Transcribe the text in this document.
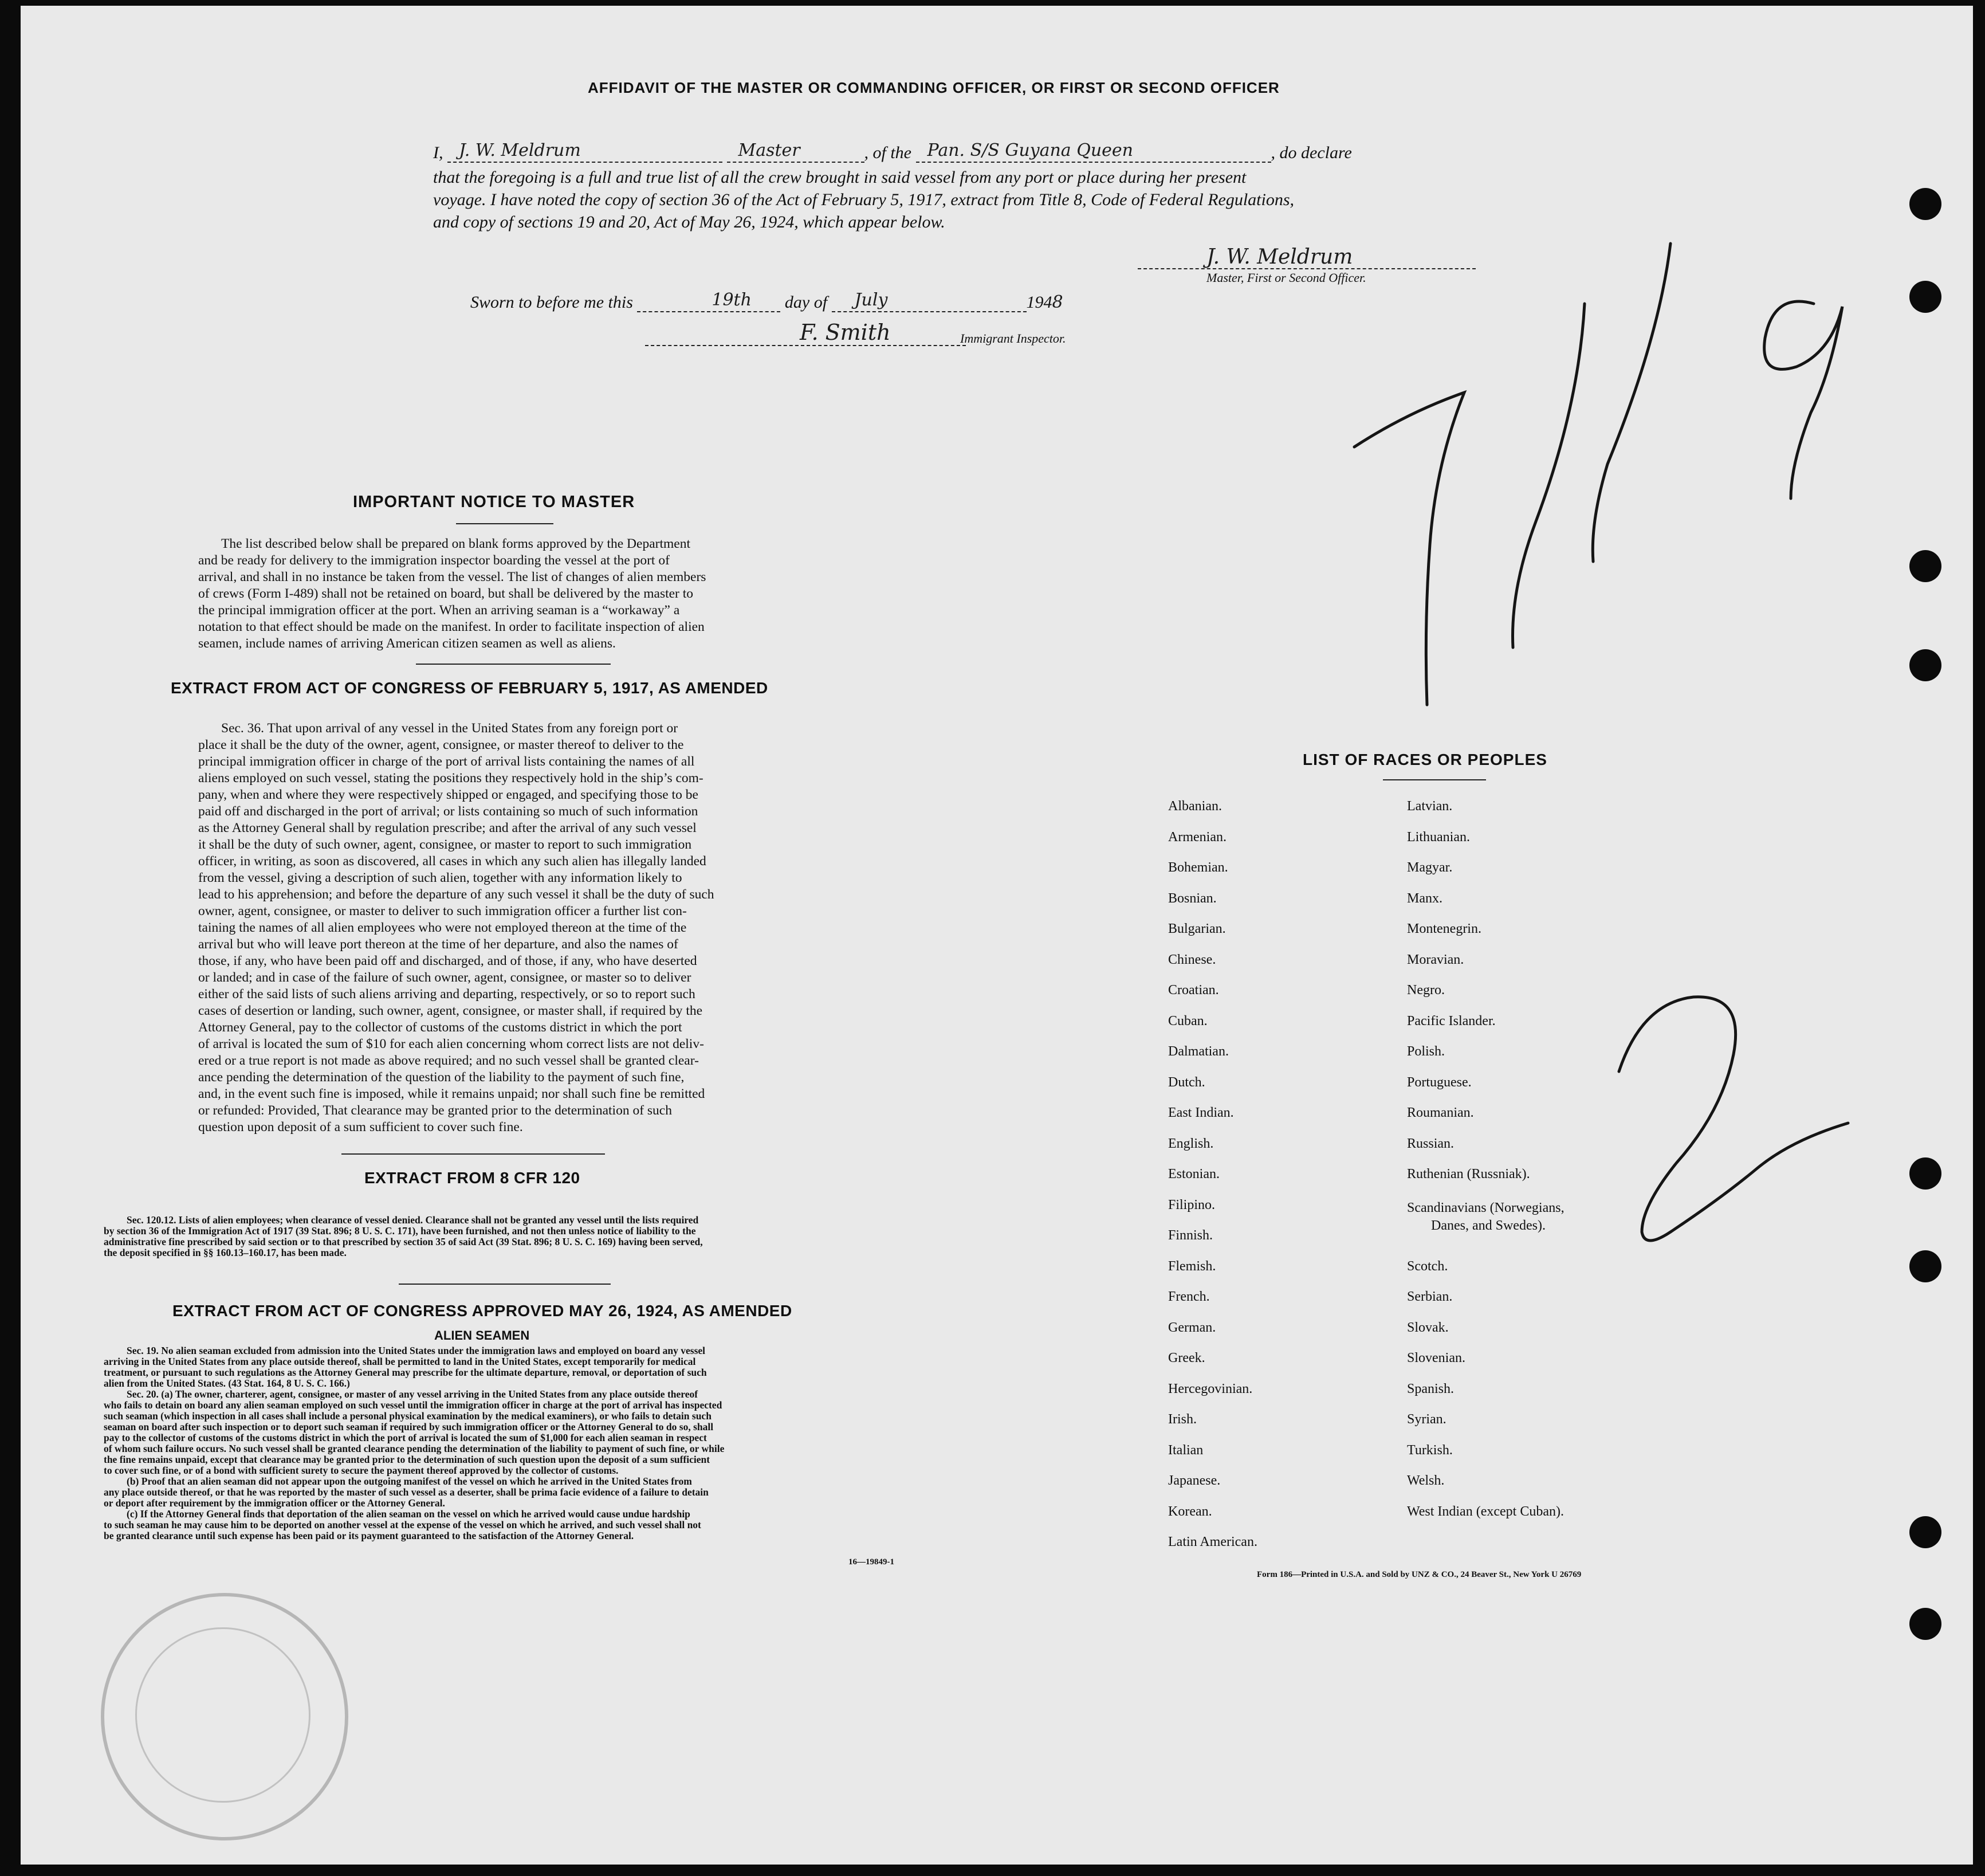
AFFIDAVIT OF THE MASTER OR COMMANDING OFFICER, OR FIRST OR SECOND OFFICER
I, J. W. Meldrum
	Master	, of the Pan. S/S Guyana Queen	, do declare
that the foregoing is a full and true list of all the crew brought in said vessel from any port or place during her present
voyage. I have noted the copy of section 36 of the Act of February 5, 1917, extract from Title 8, Code of Federal Regulations,
and copy of sections 19 and 20, Act of May 26, 1924, which appear below.
J. W. Meldrum
Master, First or Second Officer.
Sworn to before me this	19th day of July	1948
F. Smith	Immigrant Inspector.
IMPORTANT NOTICE TO MASTER
The list described below shall be prepared on blank forms approved by the Department
and be ready for delivery to the immigration inspector boarding the vessel at the port of
arrival, and shall in no instance be taken from the vessel. The list of changes of alien members
of crews (Form I-489) shall not be retained on board, but shall be delivered by the master to
the principal immigration officer at the port. When an arriving seaman is a “workaway” a
notation to that effect should be made on the manifest. In order to facilitate inspection of alien
seamen, include names of arriving American citizen seamen as well as aliens.
EXTRACT FROM ACT OF CONGRESS OF FEBRUARY 5, 1917, AS AMENDED
Sec. 36. That upon arrival of any vessel in the United States from any foreign port or
place it shall be the duty of the owner, agent, consignee, or master thereof to deliver to the
principal immigration officer in charge of the port of arrival lists containing the names of all
aliens employed on such vessel, stating the positions they respectively hold in the ship’s com-
pany, when and where they were respectively shipped or engaged, and specifying those to be
paid off and discharged in the port of arrival; or lists containing so much of such information
as the Attorney General shall by regulation prescribe; and after the arrival of any such vessel
it shall be the duty of such owner, agent, consignee, or master to report to such immigration
officer, in writing, as soon as discovered, all cases in which any such alien has illegally landed
from the vessel, giving a description of such alien, together with any information likely to
lead to his apprehension; and before the departure of any such vessel it shall be the duty of such
owner, agent, consignee, or master to deliver to such immigration officer a further list con-
taining the names of all alien employees who were not employed thereon at the time of the
arrival but who will leave port thereon at the time of her departure, and also the names of
those, if any, who have been paid off and discharged, and of those, if any, who have deserted
or landed; and in case of the failure of such owner, agent, consignee, or master so to deliver
either of the said lists of such aliens arriving and departing, respectively, or so to report such
cases of desertion or landing, such owner, agent, consignee, or master shall, if required by the
Attorney General, pay to the collector of customs of the customs district in which the port
of arrival is located the sum of $10 for each alien concerning whom correct lists are not deliv-
ered or a true report is not made as above required; and no such vessel shall be granted clear-
ance pending the determination of the question of the liability to the payment of such fine,
and, in the event such fine is imposed, while it remains unpaid; nor shall such fine be remitted
or refunded: Provided, That clearance may be granted prior to the determination of such
question upon deposit of a sum sufficient to cover such fine.
EXTRACT FROM 8 CFR 120
Sec. 120.12. Lists of alien employees; when clearance of vessel denied. Clearance shall not be granted any vessel until the lists required
by section 36 of the Immigration Act of 1917 (39 Stat. 896; 8 U. S. C. 171), have been furnished, and not then unless notice of liability to the
administrative fine prescribed by said section or to that prescribed by section 35 of said Act (39 Stat. 896; 8 U. S. C. 169) having been served,
the deposit specified in §§ 160.13–160.17, has been made.
EXTRACT FROM ACT OF CONGRESS APPROVED MAY 26, 1924, AS AMENDED
ALIEN SEAMEN
Sec. 19. No alien seaman excluded from admission into the United States under the immigration laws and employed on board any vessel
arriving in the United States from any place outside thereof, shall be permitted to land in the United States, except temporarily for medical
treatment, or pursuant to such regulations as the Attorney General may prescribe for the ultimate departure, removal, or deportation of such
alien from the United States. (43 Stat. 164, 8 U. S. C. 166.)
Sec. 20. (a) The owner, charterer, agent, consignee, or master of any vessel arriving in the United States from any place outside thereof
who fails to detain on board any alien seaman employed on such vessel until the immigration officer in charge at the port of arrival has inspected
such seaman (which inspection in all cases shall include a personal physical examination by the medical examiners), or who fails to detain such
seaman on board after such inspection or to deport such seaman if required by such immigration officer or the Attorney General to do so, shall
pay to the collector of customs of the customs district in which the port of arrival is located the sum of $1,000 for each alien seaman in respect
of whom such failure occurs. No such vessel shall be granted clearance pending the determination of the liability to payment of such fine, or while
the fine remains unpaid, except that clearance may be granted prior to the determination of such question upon the deposit of a sum sufficient
to cover such fine, or of a bond with sufficient surety to secure the payment thereof approved by the collector of customs.
(b) Proof that an alien seaman did not appear upon the outgoing manifest of the vessel on which he arrived in the United States from
any place outside thereof, or that he was reported by the master of such vessel as a deserter, shall be prima facie evidence of a failure to detain
or deport after requirement by the immigration officer or the Attorney General.
(c) If the Attorney General finds that deportation of the alien seaman on the vessel on which he arrived would cause undue hardship
to such seaman he may cause him to be deported on another vessel at the expense of the vessel on which he arrived, and such vessel shall not
be granted clearance until such expense has been paid or its payment guaranteed to the satisfaction of the Attorney General.
16—19849-1
LIST OF RACES OR PEOPLES
Albanian.
Armenian.
Bohemian.
Bosnian.
Bulgarian.
Chinese.
Croatian.
Cuban.
Dalmatian.
Dutch.
East Indian.
English.
Estonian.
Filipino.
Finnish.
Flemish.
French.
German.
Greek.
Hercegovinian.
Irish.
Italian
Japanese.
Korean.
Latin American.
Latvian.
Lithuanian.
Magyar.
Manx.
Montenegrin.
Moravian.
Negro.
Pacific Islander.
Polish.
Portuguese.
Roumanian.
Russian.
Ruthenian (Russniak).
Scandinavians (Norwegians,
Danes, and Swedes).
Scotch.
Serbian.
Slovak.
Slovenian.
Spanish.
Syrian.
Turkish.
Welsh.
West Indian (except Cuban).
Form 186—Printed in U.S.A. and Sold by UNZ & CO., 24 Beaver St., New York U 26769
